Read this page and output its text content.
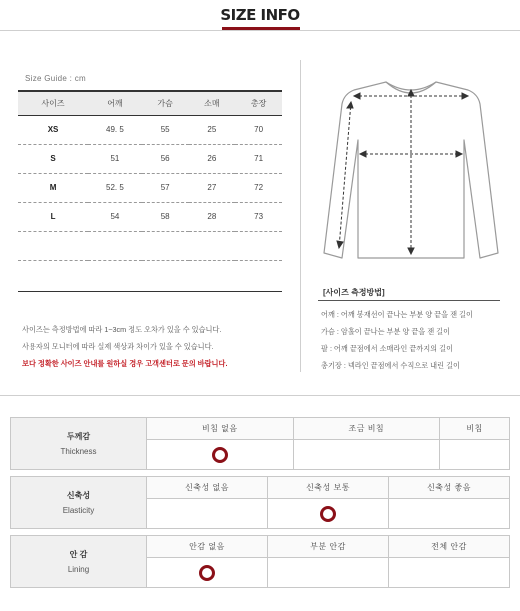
SIZE INFO
Size Guide : cm
사이즈	어깨	가슴	소매	총장
XS	49. 5	55	25	70
S	51	56	26	71
M	52. 5	57	27	72
L	54	58	28	73

사이즈는 측정방법에 따라 1~3cm 정도 오차가 있을 수 있습니다.
사용자의 모니터에 따라 실제 색상과 차이가 있을 수 있습니다.
보다 정확한 사이즈 안내를 원하실 경우 고객센터로 문의 바랍니다.
[사이즈 측정방법]
어깨 : 어깨 봉재선이 끝나는 부분 양 끝을 잰 길이
가슴 : 암홀이 끝나는 부분 양 끝을 잰 길이
팔 : 어깨 끝점에서 소매라인 끝까지의 길이
총기장 : 넥라인 끝점에서 수직으로 내린 길이
두께감
Thickness	비침 없음	조금 비침	비침

신축성
Elasticity	신축성 없음	신축성 보통	신축성 좋음

안 감
Lining	안감 없음	부분 안감	전체 안감
